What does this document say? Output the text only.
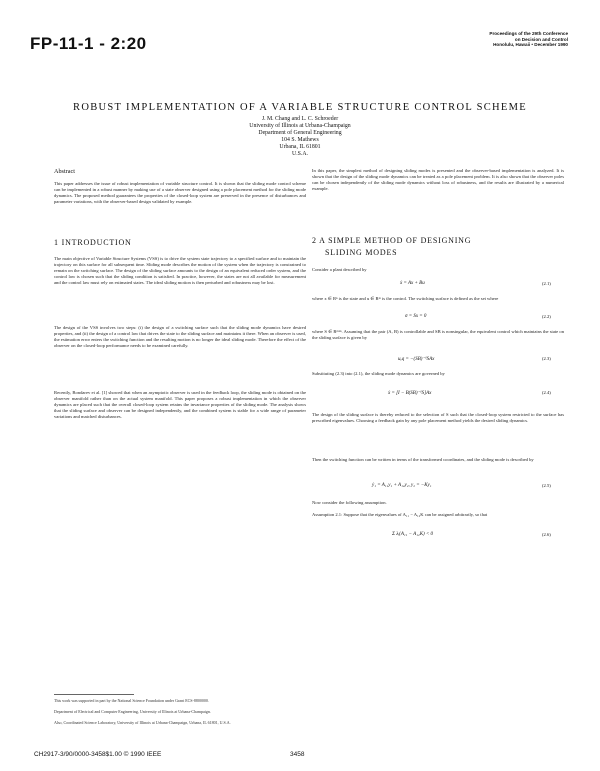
FP-11-1 - 2:20
Proceedings of the 29th Conference
on Decision and Control
Honolulu, Hawaii • December 1990
ROBUST IMPLEMENTATION OF A VARIABLE STRUCTURE CONTROL SCHEME
J. M. Chang and L. C. Schroeder
University of Illinois at Urbana-Champaign
Department of General Engineering
104 S. Mathews
Urbana, IL 61801
U.S.A.
Abstract
This paper addresses the issue of robust implementation of variable structure control. It is shown that the sliding mode control scheme can be implemented in a robust manner by making use of a state observer designed using a pole placement method for the sliding mode dynamics. The proposed method guarantees the properties of the closed-loop system are preserved in the presence of disturbances and parameter variations, with the observer-based design validated by example.
1 INTRODUCTION
The main objective of Variable Structure Systems (VSS) is to drive the system state trajectory to a specified surface and to maintain the trajectory on this surface for all subsequent time. Sliding mode describes the motion of the system when the trajectory is constrained to remain on the switching surface. The design of the sliding surface amounts to the design of an equivalent reduced order system, and the control law is chosen such that the sliding condition is satisfied. In practice, however, the states are not all available for measurement and the control law must rely on estimated states. The ideal sliding motion is then perturbed and robustness may be lost.
The design of the VSS involves two steps: (i) the design of a switching surface such that the sliding mode dynamics have desired properties, and (ii) the design of a control law that drives the state to the sliding surface and maintains it there. When an observer is used, the estimation error enters the switching function and the resulting motion is no longer the ideal sliding mode. Therefore the effect of the observer on the closed-loop performance needs to be examined carefully.
Recently, Bondarev et al. [1] showed that when an asymptotic observer is used in the feedback loop, the sliding mode is obtained on the observer manifold rather than on the actual system manifold. This paper proposes a robust implementation in which the observer dynamics are placed such that the overall closed-loop system retains the invariance properties of the sliding mode. The analysis shows that the sliding surface and observer can be designed independently, and the combined system is stable for a wide range of parameter variations and matched disturbances.
This work was supported in part by the National Science Foundation under Grant ECS-8800000.
Department of Electrical and Computer Engineering, University of Illinois at Urbana-Champaign.
Also, Coordinated Science Laboratory, University of Illinois at Urbana-Champaign, Urbana, IL 61801, U.S.A.
In this paper, the simplest method of designing sliding modes is presented and the observer-based implementation is analyzed. It is shown that the design of the sliding mode dynamics can be treated as a pole placement problem. It is also shown that the observer poles can be chosen independently of the sliding mode dynamics without loss of robustness, and the results are illustrated by a numerical example.
2 A SIMPLE METHOD OF DESIGNING
SLIDING MODES
Consider a plant described by
ẋ = Ax + Bu	(2.1)
where x ∈ Rⁿ is the state and u ∈ Rᵐ is the control. The switching surface is defined as the set where
σ = Sx = 0	(2.2)
where S ∈ Rᵐˣⁿ. Assuming that the pair (A, B) is controllable and SB is nonsingular, the equivalent control which maintains the state on the sliding surface is given by
uₑq = −(SB)⁻¹SAx	(2.3)
Substituting (2.3) into (2.1), the sliding mode dynamics are governed by
ẋ = [I − B(SB)⁻¹S]Ax	(2.4)
The design of the sliding surface is thereby reduced to the selection of S such that the closed-loop system restricted to the surface has prescribed eigenvalues. Choosing a feedback gain by any pole placement method yields the desired sliding dynamics.
Then the switching function can be written in terms of the transformed coordinates, and the sliding mode is described by
ẏ₁ = A₁₁y₁ + A₁₂y₂, y₂ = −Ky₁	(2.5)
Now consider the following assumption.
Assumption 2.1: Suppose that the eigenvalues of A₁₁ − A₁₂K can be assigned arbitrarily, so that
Σ λᵢ(A₁₁ − A₁₂K) < 0	(2.6)
CH2917-3/90/0000-3458$1.00 © 1990 IEEE	3458
